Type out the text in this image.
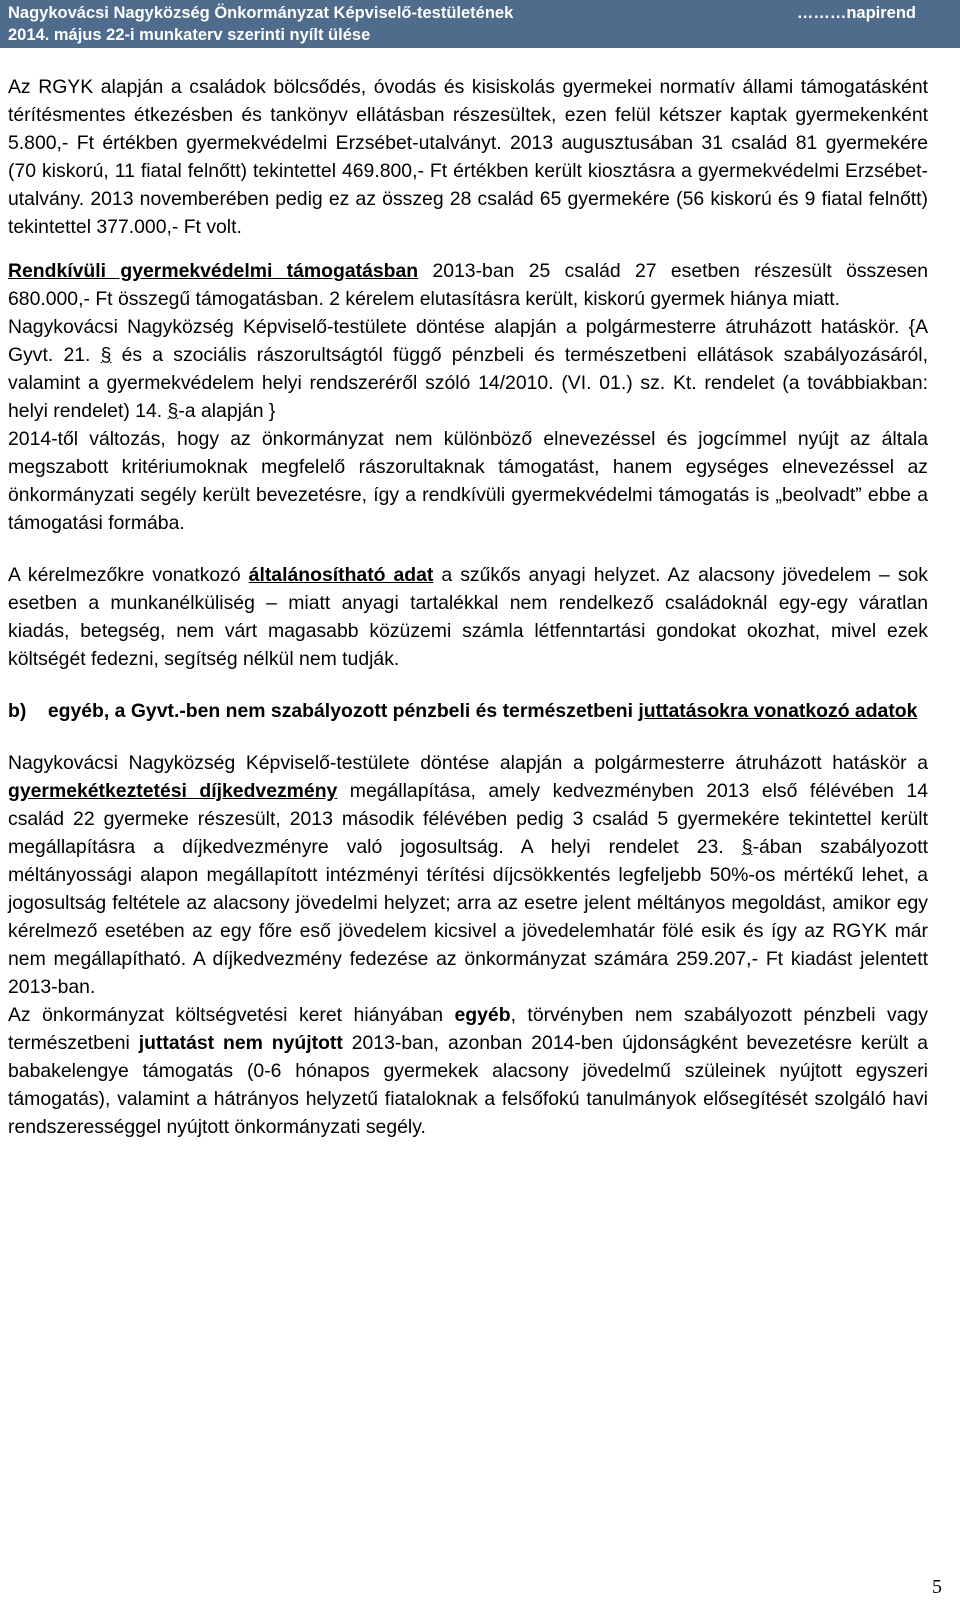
Nagykovácsi Nagyközség Önkormányzat Képviselő-testületének
2014. május 22-i munkaterv szerinti nyílt ülése
………napirend

Az RGYK alapján a családok bölcsődés, óvodás és kisiskolás gyermekei normatív állami támogatásként térítésmentes étkezésben és tankönyv ellátásban részesültek, ezen felül kétszer kaptak gyermekenként 5.800,- Ft értékben gyermekvédelmi Erzsébet-utalványt. 2013 augusztusában 31 család 81 gyermekére (70 kiskorú, 11 fiatal felnőtt) tekintettel 469.800,- Ft értékben került kiosztásra a gyermekvédelmi Erzsébet-utalvány. 2013 novemberében pedig ez az összeg 28 család 65 gyermekére (56 kiskorú és 9 fiatal felnőtt) tekintettel 377.000,- Ft volt.

Rendkívüli gyermekvédelmi támogatásban 2013-ban 25 család 27 esetben részesült összesen 680.000,- Ft összegű támogatásban. 2 kérelem elutasításra került, kiskorú gyermek hiánya miatt.

Nagykovácsi Nagyközség Képviselő-testülete döntése alapján a polgármesterre átruházott hatáskör. {A Gyvt. 21. § és a szociális rászorultságtól függő pénzbeli és természetbeni ellátások szabályozásáról, valamint a gyermekvédelem helyi rendszeréről szóló 14/2010. (VI. 01.) sz. Kt. rendelet (a továbbiakban: helyi rendelet) 14. §-a alapján }

2014-től változás, hogy az önkormányzat nem különböző elnevezéssel és jogcímmel nyújt az általa megszabott kritériumoknak megfelelő rászorultaknak támogatást, hanem egységes elnevezéssel az önkormányzati segély került bevezetésre, így a rendkívüli gyermekvédelmi támogatás is „beolvadt” ebbe a támogatási formába.

A kérelmezőkre vonatkozó általánosítható adat a szűkős anyagi helyzet. Az alacsony jövedelem – sok esetben a munkanélküliség – miatt anyagi tartalékkal nem rendelkező családoknál egy-egy váratlan kiadás, betegség, nem várt magasabb közüzemi számla létfenntartási gondokat okozhat, mivel ezek költségét fedezni, segítség nélkül nem tudják.

b)    egyéb, a Gyvt.-ben nem szabályozott pénzbeli és természetbeni juttatásokra vonatkozó adatok

Nagykovácsi Nagyközség Képviselő-testülete döntése alapján a polgármesterre átruházott hatáskör a gyermekétkeztetési díjkedvezmény megállapítása, amely kedvezményben 2013 első félévében 14 család 22 gyermeke részesült, 2013 második félévében pedig 3 család 5 gyermekére tekintettel került megállapításra a díjkedvezményre való jogosultság. A helyi rendelet 23. §-ában szabályozott méltányossági alapon megállapított intézményi térítési díjcsökkentés legfeljebb 50%-os mértékű lehet, a jogosultság feltétele az alacsony jövedelmi helyzet; arra az esetre jelent méltányos megoldást, amikor egy kérelmező esetében az egy főre eső jövedelem kicsivel a jövedelemhatár fölé esik és így az RGYK már nem megállapítható. A díjkedvezmény fedezése az önkormányzat számára 259.207,- Ft kiadást jelentett 2013-ban.

Az önkormányzat költségvetési keret hiányában egyéb, törvényben nem szabályozott pénzbeli vagy természetbeni juttatást nem nyújtott 2013-ban, azonban 2014-ben újdonságként bevezetésre került a babakelengye támogatás (0-6 hónapos gyermekek alacsony jövedelmű szüleinek nyújtott egyszeri támogatás), valamint a hátrányos helyzetű fiataloknak a felsőfokú tanulmányok elősegítését szolgáló havi rendszerességgel nyújtott önkormányzati segély.

5
